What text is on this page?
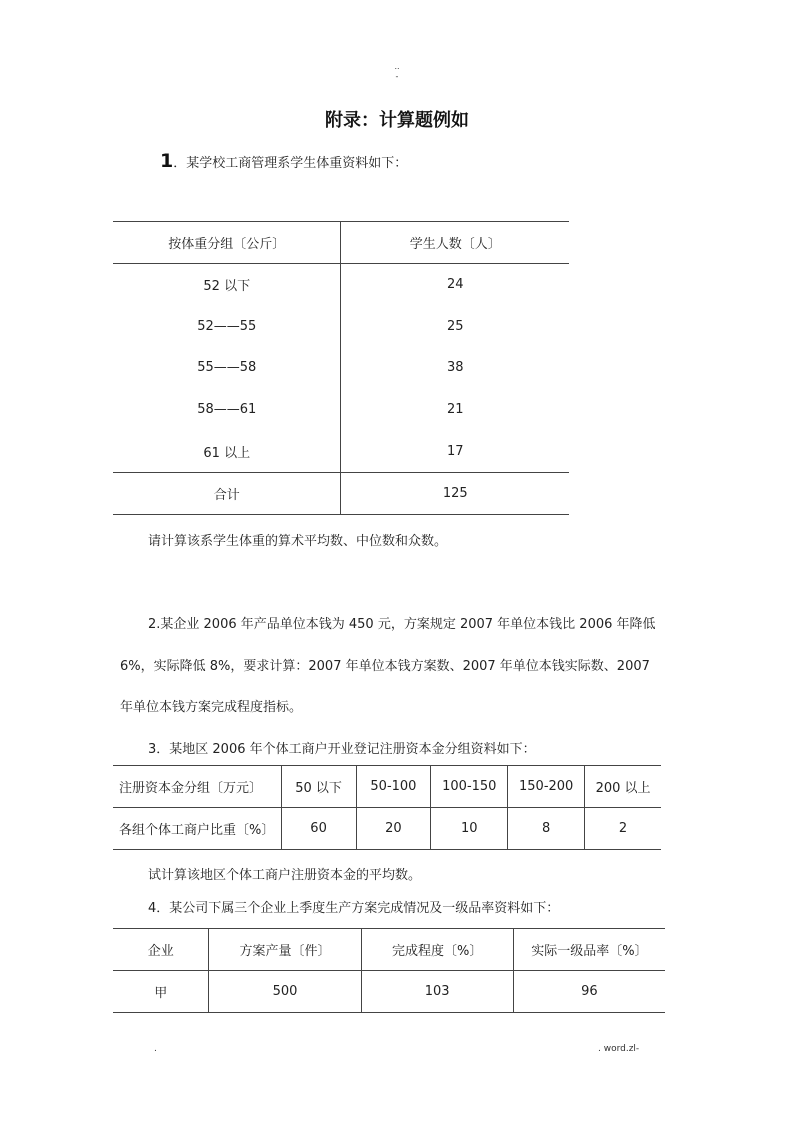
..
-
附录：计算题例如
1．某学校工商管理系学生体重资料如下：
按体重分组〔公斤〕	学生人数〔人〕
52 以下	24
52——55	25
55——58	38
58——61	21
61 以上	17
合计	125
请计算该系学生体重的算术平均数、中位数和众数。
2.某企业 2006 年产品单位本钱为 450 元，方案规定 2007 年单位本钱比 2006 年降低
6%，实际降低 8%，要求计算：2007 年单位本钱方案数、2007 年单位本钱实际数、2007
年单位本钱方案完成程度指标。
3．某地区 2006 年个体工商户开业登记注册资本金分组资料如下：
注册资本金分组〔万元〕	50 以下	50-100	100-150	150-200	200 以上
各组个体工商户比重〔%〕	60	20	10	8	2
试计算该地区个体工商户注册资本金的平均数。
4．某公司下属三个企业上季度生产方案完成情况及一级品率资料如下：
企业	方案产量〔件〕	完成程度〔%〕	实际一级品率〔%〕
甲	500	103	96
.	. word.zl-
